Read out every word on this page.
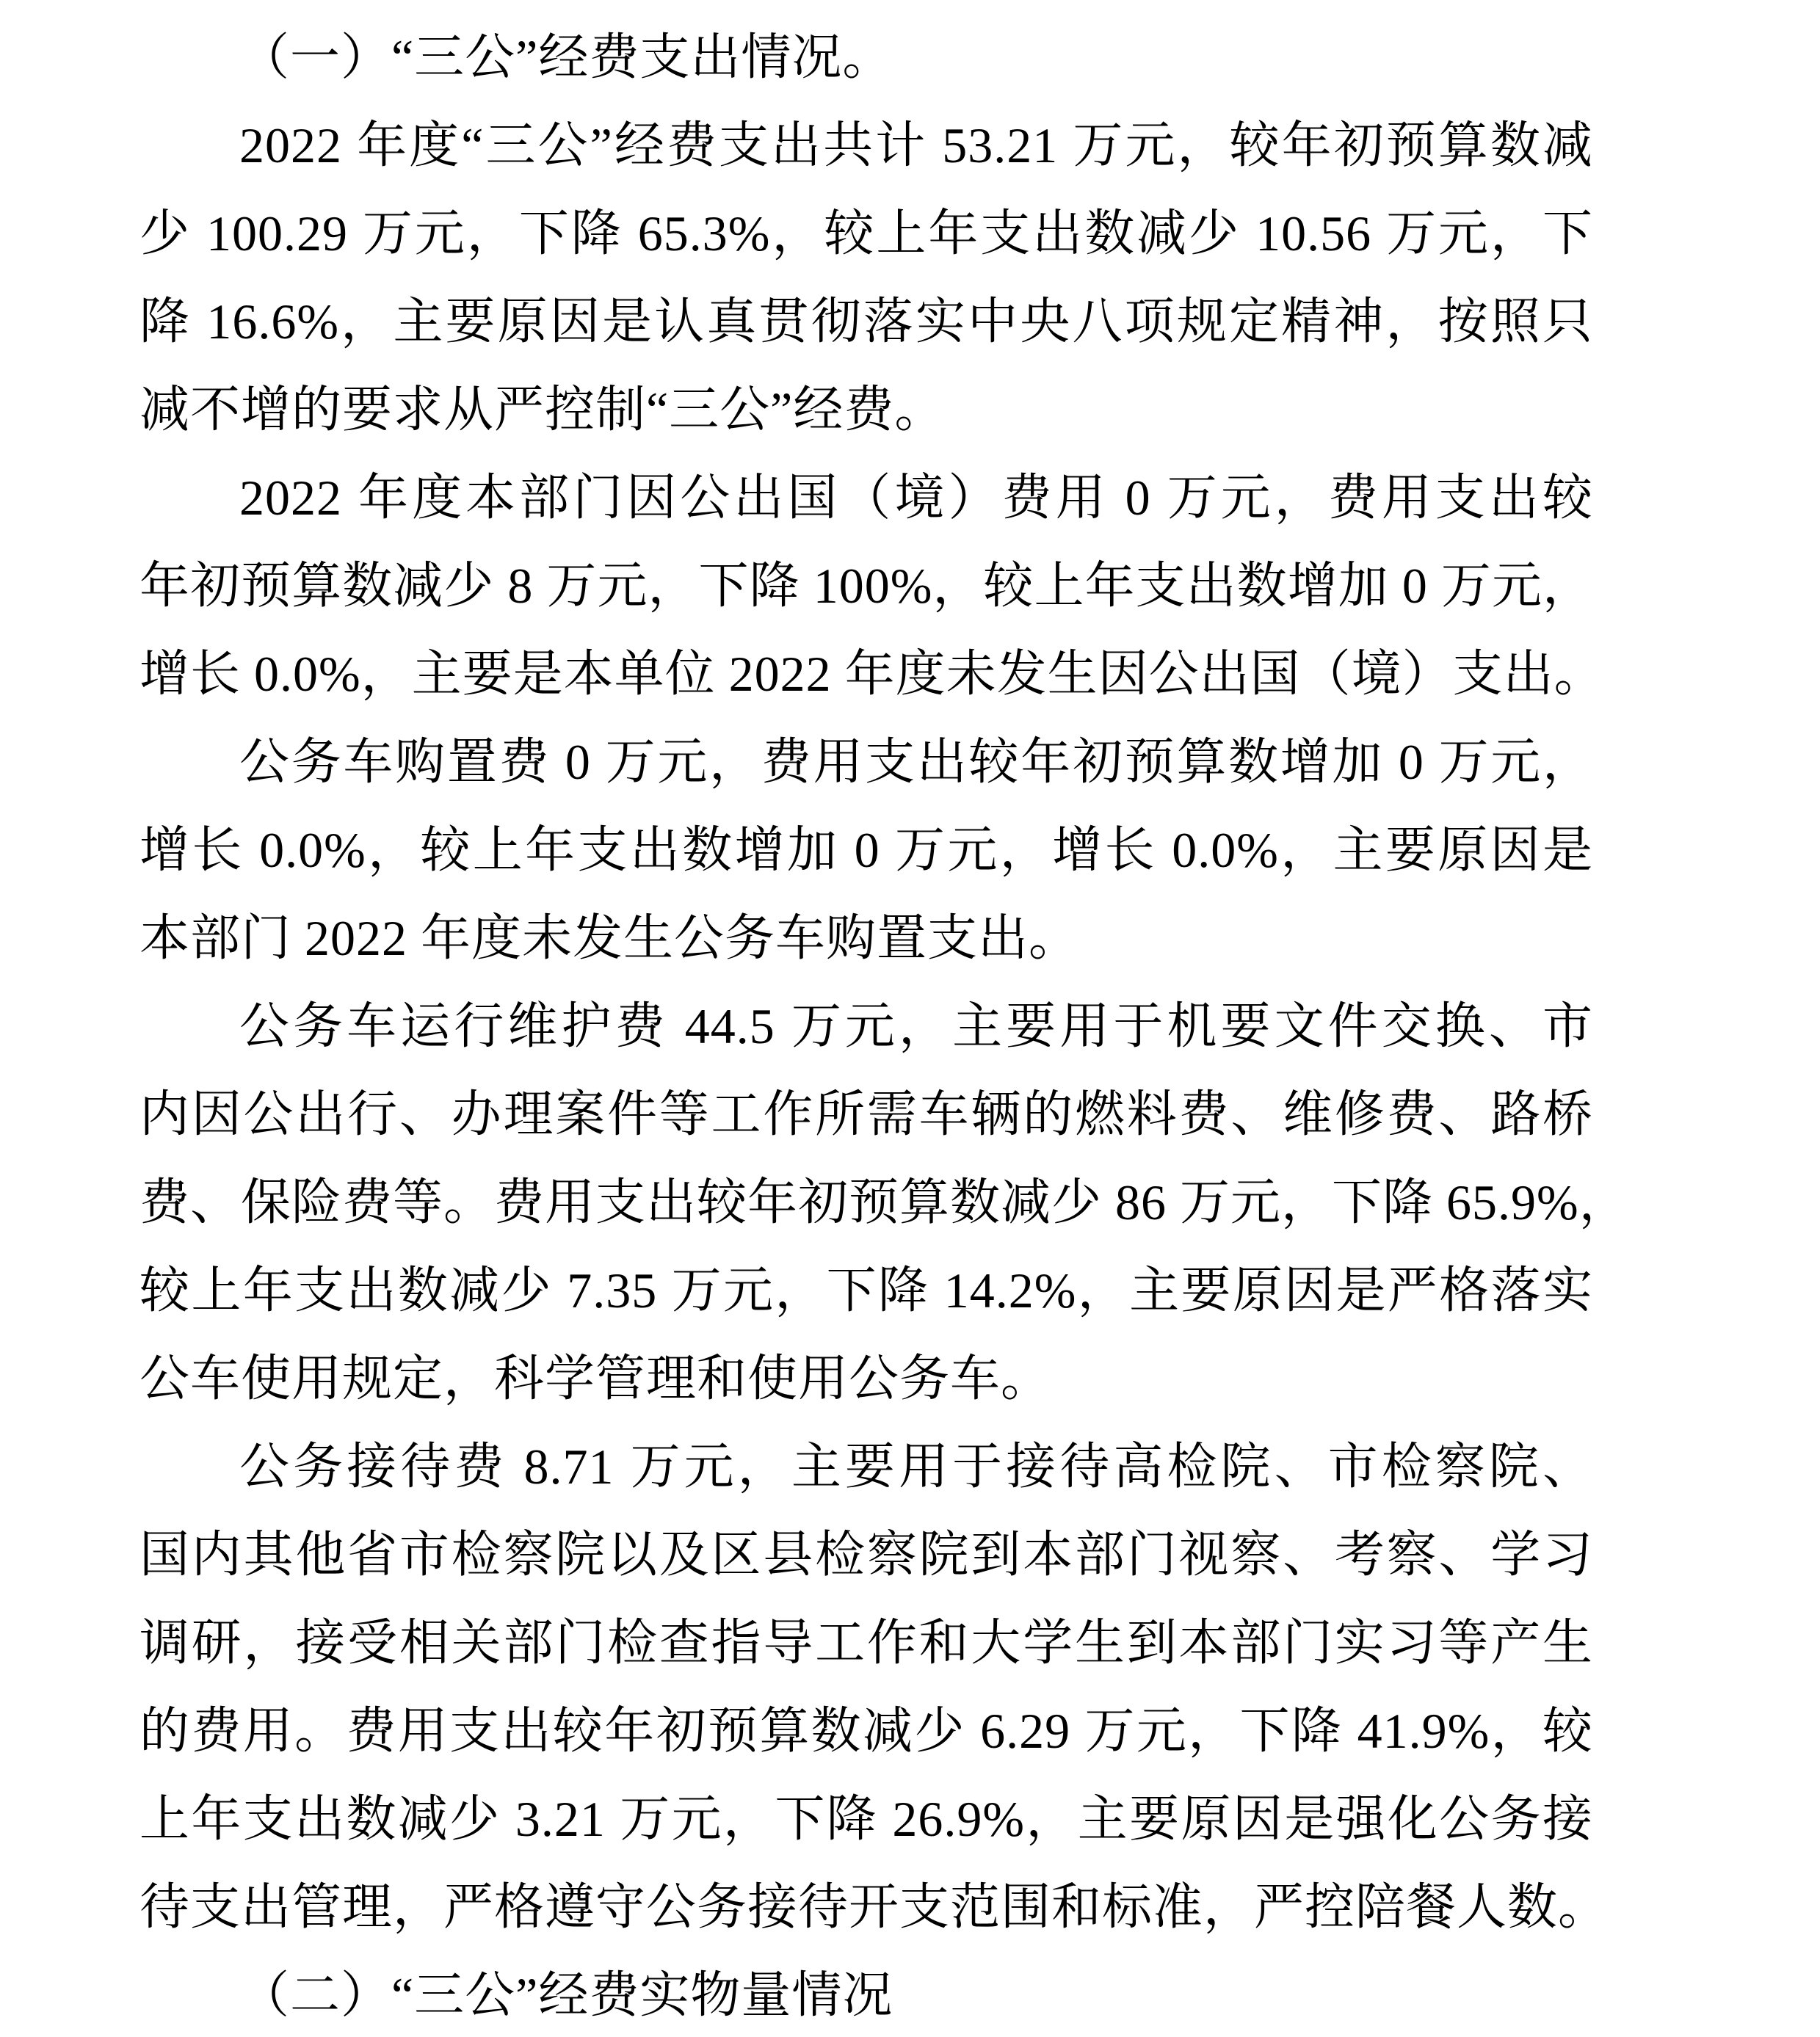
（一）“三公”经费支出情况。
2022 年度“三公”经费支出共计 53.21 万元，较年初预算数减
少 100.29 万元，下降 65.3%，较上年支出数减少 10.56 万元，下
降 16.6%，主要原因是认真贯彻落实中央八项规定精神，按照只
减不增的要求从严控制“三公”经费。
2022 年度本部门因公出国（境）费用 0 万元，费用支出较
年初预算数减少 8 万元，下降 100%，较上年支出数增加 0 万元，
增长 0.0%，主要是本单位 2022 年度未发生因公出国（境）支出。
公务车购置费 0 万元，费用支出较年初预算数增加 0 万元，
增长 0.0%，较上年支出数增加 0 万元，增长 0.0%，主要原因是
本部门 2022 年度未发生公务车购置支出。
公务车运行维护费 44.5 万元，主要用于机要文件交换、市
内因公出行、办理案件等工作所需车辆的燃料费、维修费、路桥
费、保险费等。费用支出较年初预算数减少 86 万元，下降 65.9%，
较上年支出数减少 7.35 万元，下降 14.2%，主要原因是严格落实
公车使用规定，科学管理和使用公务车。
公务接待费 8.71 万元，主要用于接待高检院、市检察院、
国内其他省市检察院以及区县检察院到本部门视察、考察、学习
调研，接受相关部门检查指导工作和大学生到本部门实习等产生
的费用。费用支出较年初预算数减少 6.29 万元，下降 41.9%，较
上年支出数减少 3.21 万元，下降 26.9%，主要原因是强化公务接
待支出管理，严格遵守公务接待开支范围和标准，严控陪餐人数。
（二）“三公”经费实物量情况
